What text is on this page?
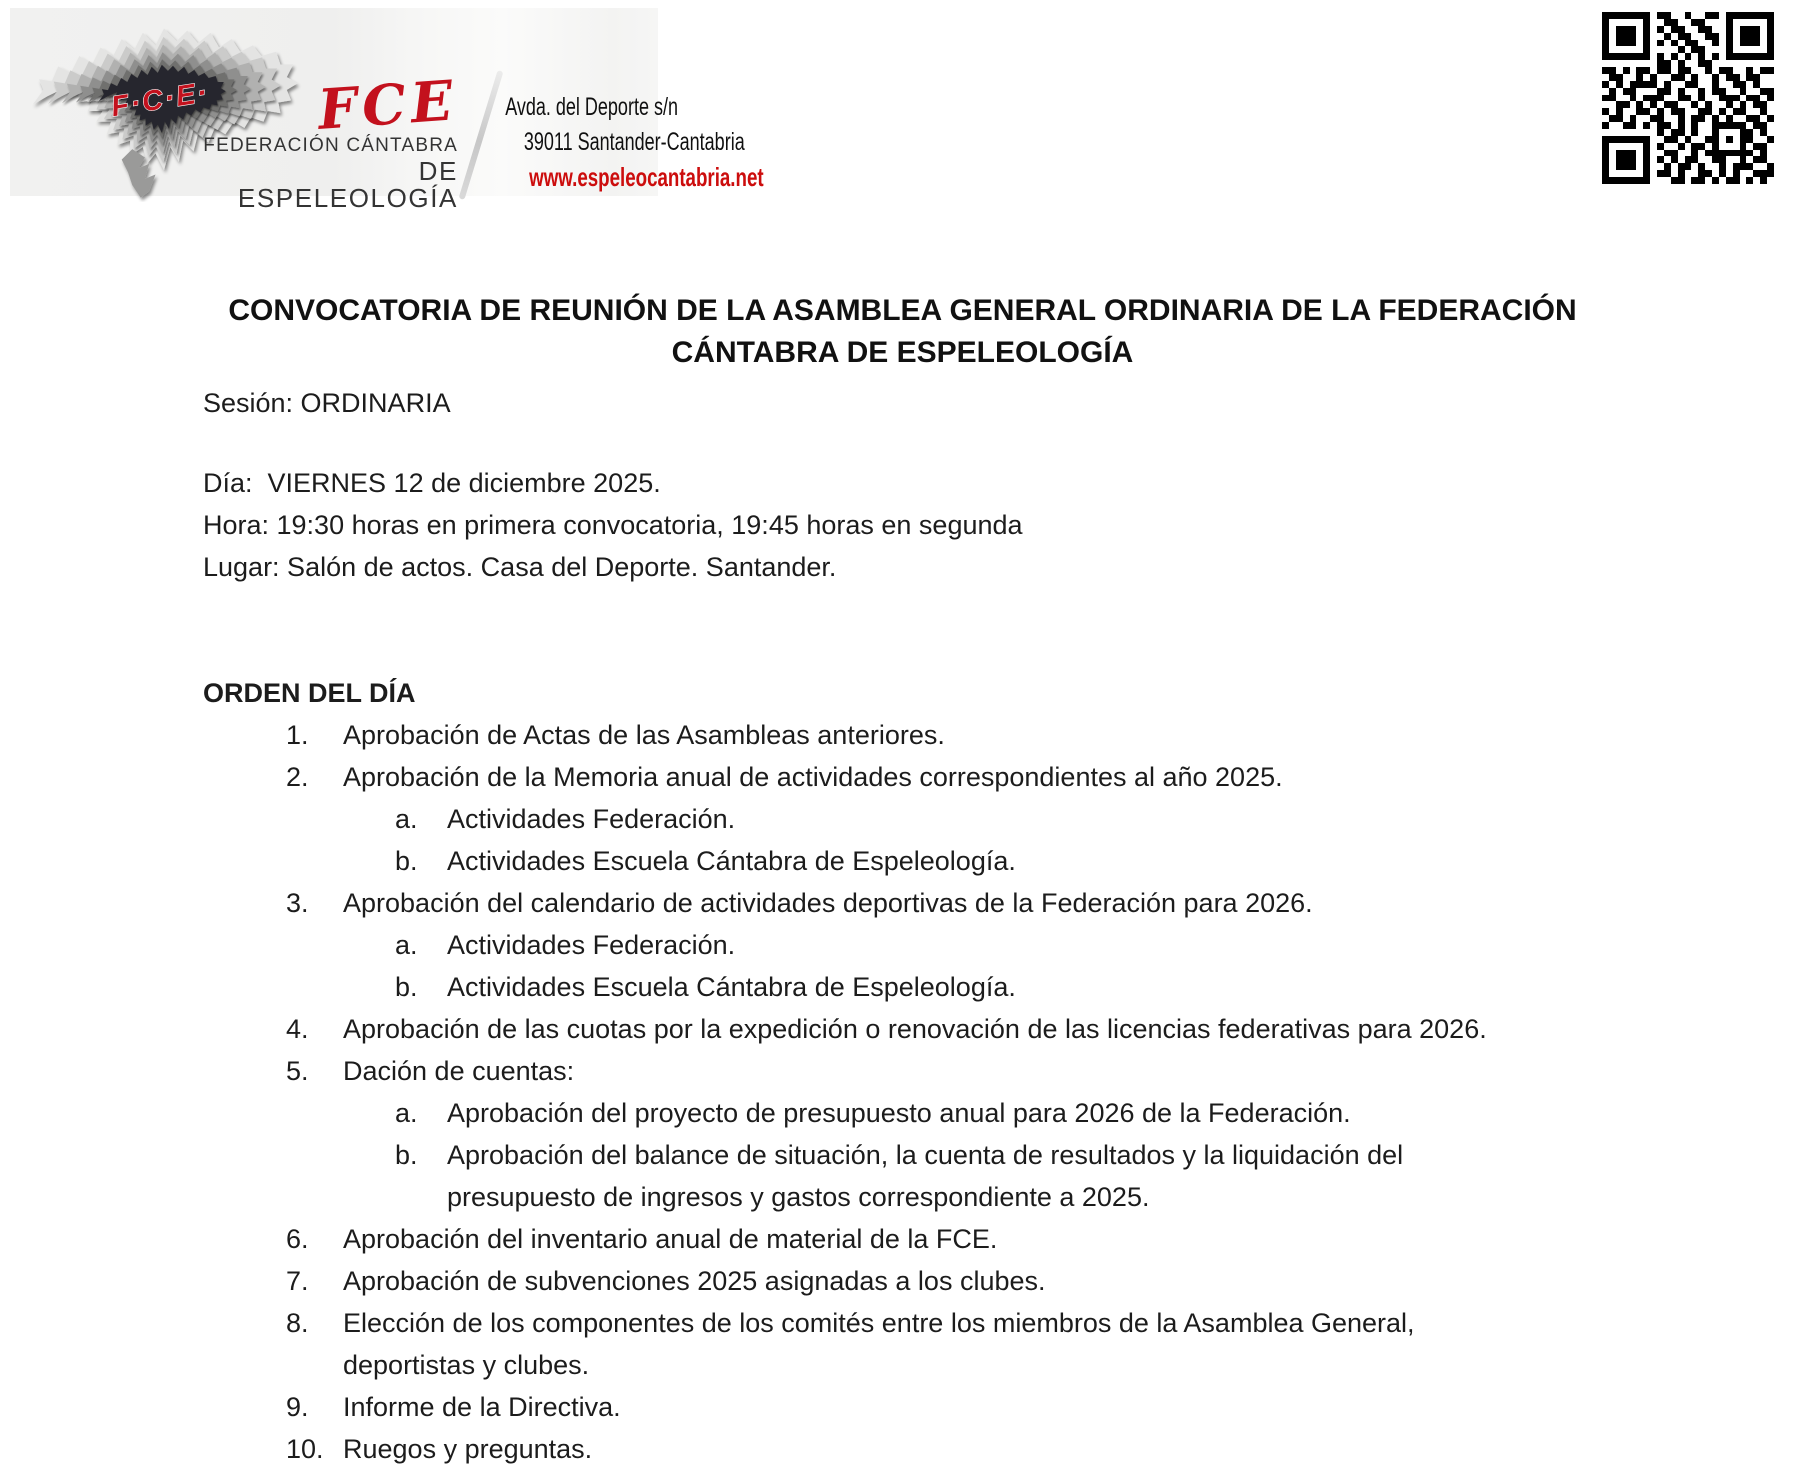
F·C·E· FCE
FEDERACIÓN CÁNTABRA
DE ESPELEOLOGÍA
Avda. del Deporte s/n
39011 Santander-Cantabria
www.espeleocantabria.net
CONVOCATORIA DE REUNIÓN DE LA ASAMBLEA GENERAL ORDINARIA DE LA FEDERACIÓN
CÁNTABRA DE ESPELEOLOGÍA
Sesión: ORDINARIA
Día:  VIERNES 12 de diciembre 2025.
Hora: 19:30 horas en primera convocatoria, 19:45 horas en segunda
Lugar: Salón de actos. Casa del Deporte. Santander.
ORDEN DEL DÍA
1. Aprobación de Actas de las Asambleas anteriores.
2. Aprobación de la Memoria anual de actividades correspondientes al año 2025.
a. Actividades Federación.
b. Actividades Escuela Cántabra de Espeleología.
3. Aprobación del calendario de actividades deportivas de la Federación para 2026.
a. Actividades Federación.
b. Actividades Escuela Cántabra de Espeleología.
4. Aprobación de las cuotas por la expedición o renovación de las licencias federativas para 2026.
5. Dación de cuentas:
a. Aprobación del proyecto de presupuesto anual para 2026 de la Federación.
b. Aprobación del balance de situación, la cuenta de resultados y la liquidación del
presupuesto de ingresos y gastos correspondiente a 2025.
6. Aprobación del inventario anual de material de la FCE.
7. Aprobación de subvenciones 2025 asignadas a los clubes.
8. Elección de los componentes de los comités entre los miembros de la Asamblea General,
deportistas y clubes.
9. Informe de la Directiva.
10. Ruegos y preguntas.
